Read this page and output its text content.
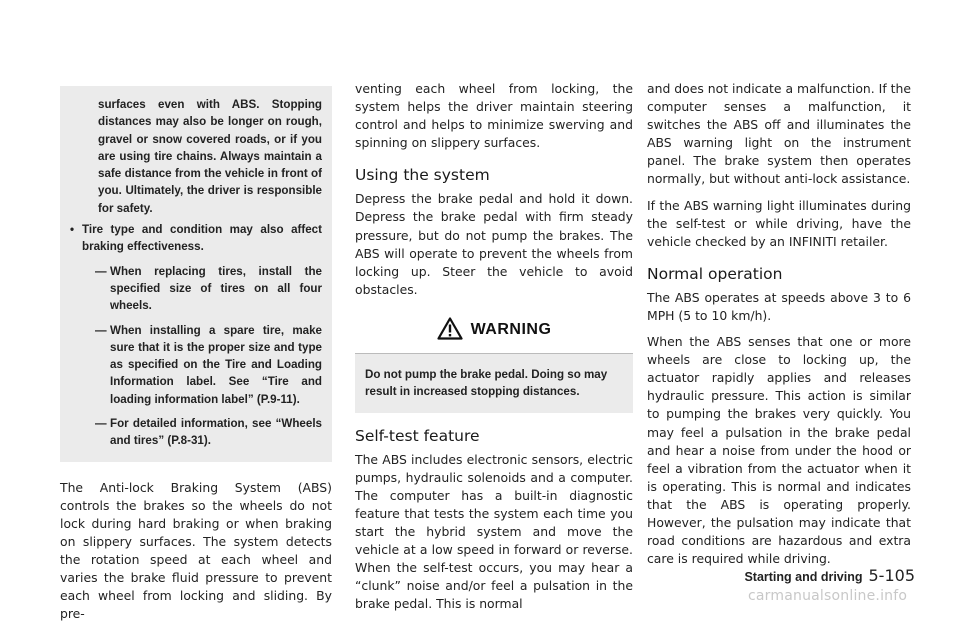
surfaces even with ABS. Stopping distances may also be longer on rough, gravel or snow covered roads, or if you are using tire chains. Always maintain a safe distance from the vehicle in front of you. Ultimately, the driver is responsible for safety.

• Tire type and condition may also affect braking effectiveness.

— When replacing tires, install the specified size of tires on all four wheels.

— When installing a spare tire, make sure that it is the proper size and type as specified on the Tire and Loading Information label. See “Tire and loading information label” (P.9-11).

— For detailed information, see “Wheels and tires” (P.8-31).

The Anti-lock Braking System (ABS) controls the brakes so the wheels do not lock during hard braking or when braking on slippery surfaces. The system detects the rotation speed at each wheel and varies the brake fluid pressure to prevent each wheel from locking and sliding. By pre-

venting each wheel from locking, the system helps the driver maintain steering control and helps to minimize swerving and spinning on slippery surfaces.

Using the system

Depress the brake pedal and hold it down. Depress the brake pedal with firm steady pressure, but do not pump the brakes. The ABS will operate to prevent the wheels from locking up. Steer the vehicle to avoid obstacles.

WARNING

Do not pump the brake pedal. Doing so may result in increased stopping distances.

Self-test feature

The ABS includes electronic sensors, electric pumps, hydraulic solenoids and a computer. The computer has a built-in diagnostic feature that tests the system each time you start the hybrid system and move the vehicle at a low speed in forward or reverse. When the self-test occurs, you may hear a “clunk” noise and/or feel a pulsation in the brake pedal. This is normal

and does not indicate a malfunction. If the computer senses a malfunction, it switches the ABS off and illuminates the ABS warning light on the instrument panel. The brake system then operates normally, but without anti-lock assistance.

If the ABS warning light illuminates during the self-test or while driving, have the vehicle checked by an INFINITI retailer.

Normal operation

The ABS operates at speeds above 3 to 6 MPH (5 to 10 km/h).

When the ABS senses that one or more wheels are close to locking up, the actuator rapidly applies and releases hydraulic pressure. This action is similar to pumping the brakes very quickly. You may feel a pulsation in the brake pedal and hear a noise from under the hood or feel a vibration from the actuator when it is operating. This is normal and indicates that the ABS is operating properly. However, the pulsation may indicate that road conditions are hazardous and extra care is required while driving.

Starting and driving 5-105
carmanualsonline.info
